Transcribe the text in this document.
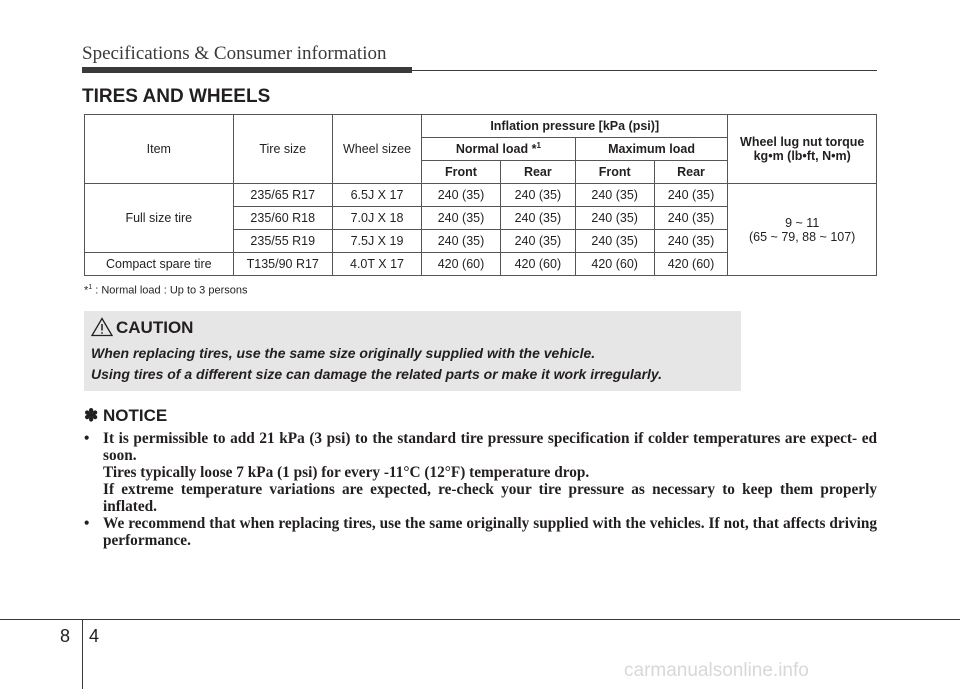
Specifications & Consumer information
TIRES AND WHEELS
Item	Tire size	Wheel sizee	Inflation pressure [kPa (psi)]				Wheel lug nut torque
kg•m (lb•ft, N•m)
			Normal load *$^1$		Maximum load		
			Front	Rear	Front	Rear	
Full size tire	235/65 R17	6.5J X 17	240 (35)	240 (35)	240 (35)	240 (35)	9 ~ 11
(65 ~ 79, 88 ~ 107)
	235/60 R18	7.0J X 18	240 (35)	240 (35)	240 (35)	240 (35)	
	235/55 R19	7.5J X 19	240 (35)	240 (35)	240 (35)	240 (35)	
Compact spare tire	T135/90 R17	4.0T X 17	420 (60)	420 (60)	420 (60)	420 (60)	
*$^1$ : Normal load : Up to 3 persons
CAUTION
When replacing tires, use the same size originally supplied with the vehicle.
Using tires of a different size can damage the related parts or make it work irregularly.
✽ NOTICE
• It is permissible to add 21 kPa (3 psi) to the standard tire pressure specification if colder temperatures are expect- ed soon.

Tires typically loose 7 kPa (1 psi) for every -11°C (12°F) temperature drop.

If extreme temperature variations are expected, re-check your tire pressure as necessary to keep them properly inflated.

• We recommend that when replacing tires, use the same originally supplied with the vehicles. If not, that affects driving performance.

8 4
carmanualsonline.info
